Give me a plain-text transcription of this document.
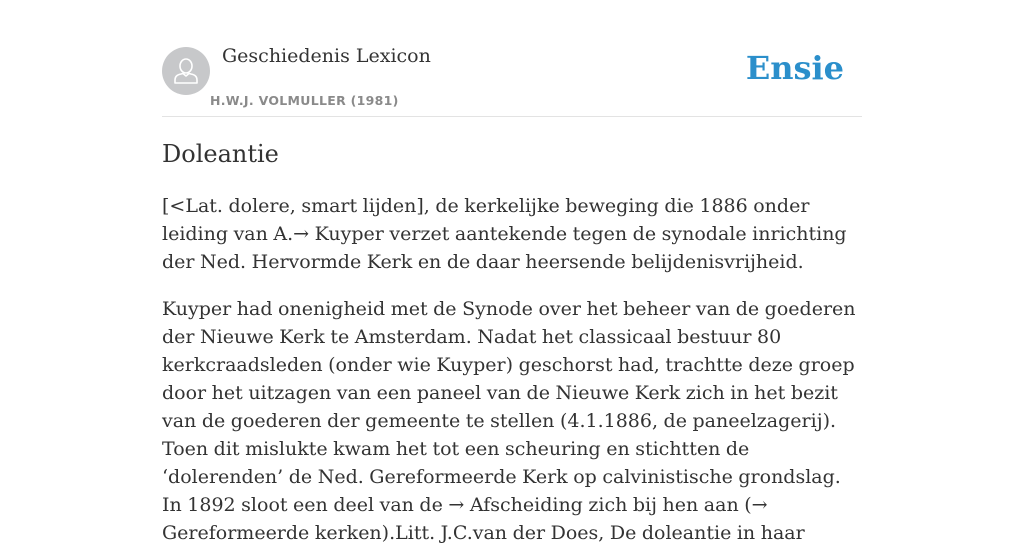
Geschiedenis Lexicon
H.W.J. VOLMULLER (1981)
Ensie
Doleantie

[<Lat. dolere, smart lijden], de kerkelijke beweging die 1886 onder leiding van A.→ Kuyper verzet aantekende tegen de synodale inrichting der Ned. Hervormde Kerk en de daar heersende belijdenisvrijheid.

Kuyper had onenigheid met de Synode over het beheer van de goederen der Nieuwe Kerk te Amsterdam. Nadat het classicaal bestuur 80 kerkcraadsleden (onder wie Kuyper) geschorst had, trachtte deze groep door het uitzagen van een paneel van de Nieuwe Kerk zich in het bezit van de goederen der gemeente te stellen (4.1.1886, de paneelzagerij). Toen dit mislukte kwam het tot een scheuring en stichtten de ‘dolerenden’ de Ned. Gereformeerde Kerk op calvinistische grondslag. In 1892 sloot een deel van de → Afscheiding zich bij hen aan (→ Gereformeerde kerken).Litt. J.C.van der Does, De doleantie in haar
